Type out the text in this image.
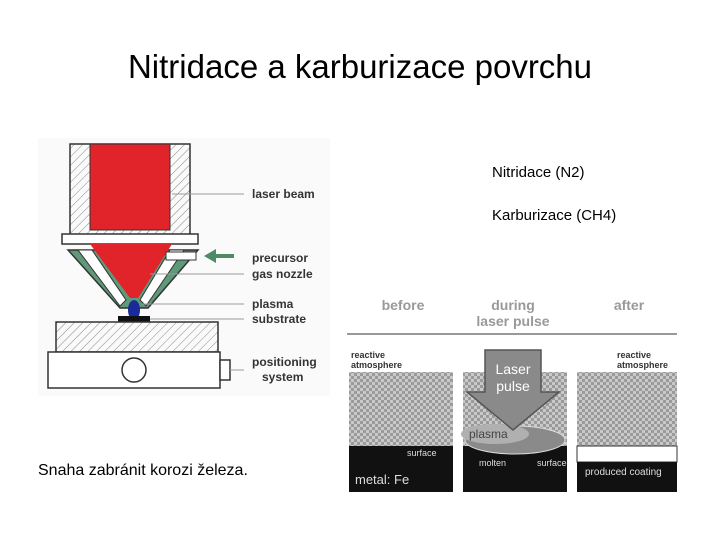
Nitridace a karburizace povrchu
Nitridace (N2)
Karburizace (CH4)
laser beam
precursor
gas nozzle
plasma
substrate
positioning
system
before	during
laser pulse
after
reactive
atmosphere
reactive
atmosphere
surface
surface
molten
metal: Fe	produced coating
Laser
pulse
plasma
Snaha zabránit korozi železa.
